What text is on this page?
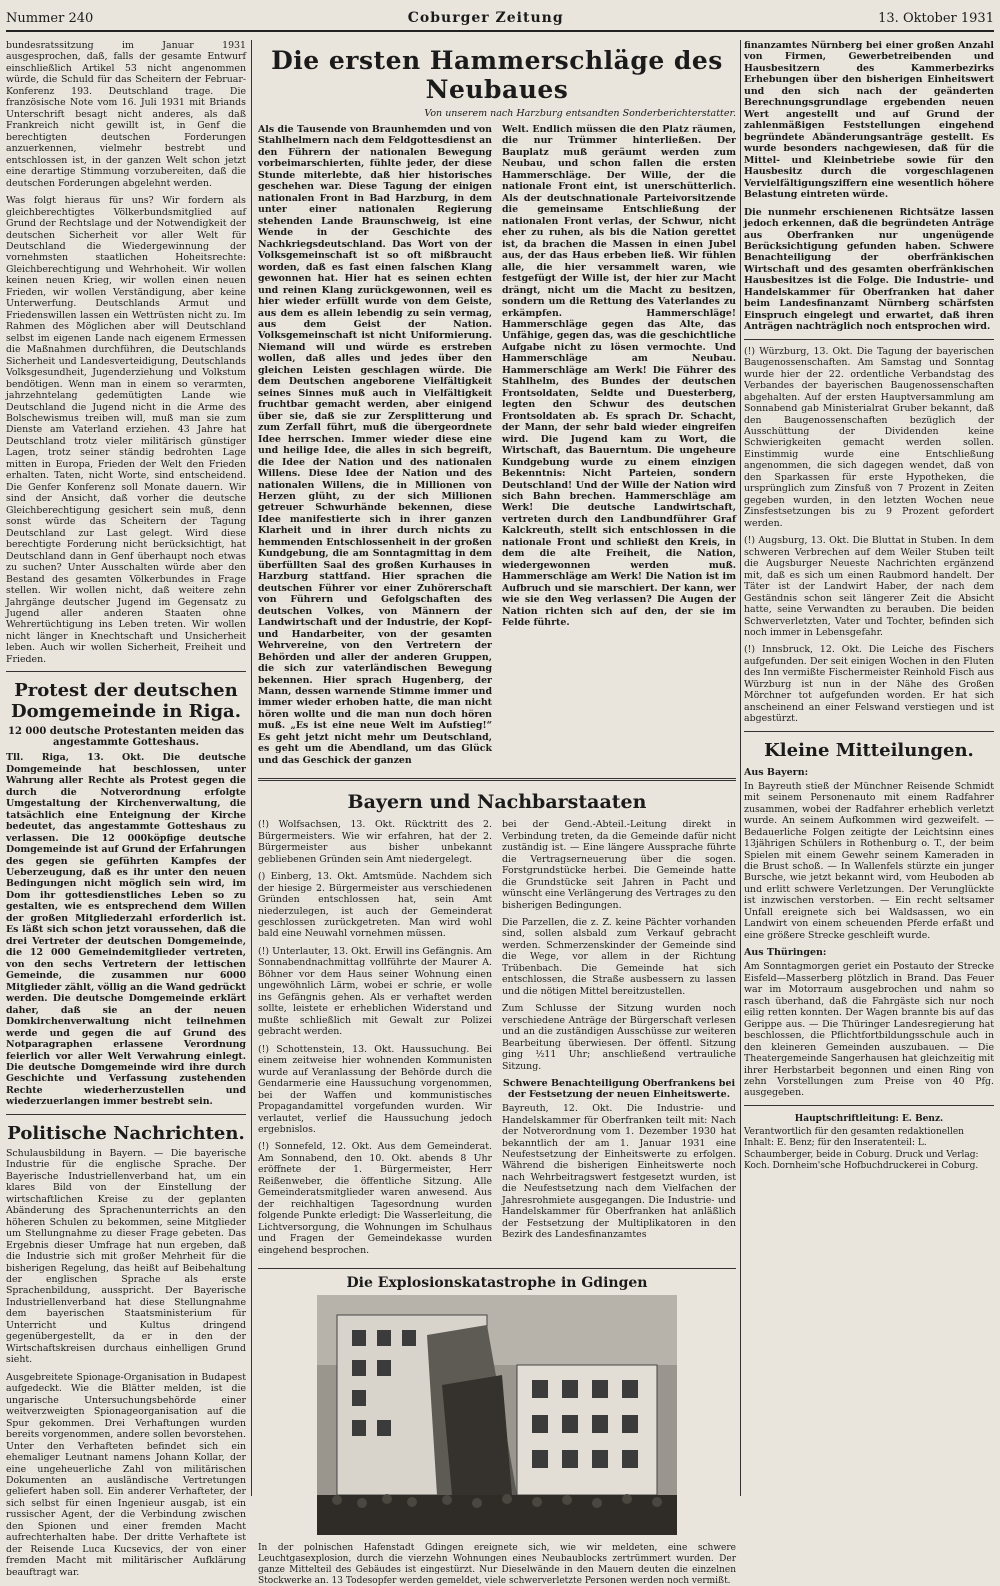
Nummer 240	Coburger Zeitung	13. Oktober 1931

bundesratssitzung im Januar 1931 ausgesprochen, daß, falls der gesamte Entwurf einschließlich Artikel 53 nicht angenommen würde, die Schuld für das Scheitern der Februar-Konferenz 193. Deutschland trage. Die französische Note vom 16. Juli 1931 mit Briands Unterschrift besagt nicht anderes, als daß Frankreich nicht gewillt ist, in Genf die berechtigten deutschen Forderungen anzuerkennen, vielmehr bestrebt und entschlossen ist, in der ganzen Welt schon jetzt eine derartige Stimmung vorzubereiten, daß die deutschen Forderungen abgelehnt werden.

Was folgt hieraus für uns? Wir fordern als gleichberechtigtes Völkerbundsmitglied auf Grund der Rechtslage und der Notwendigkeit der deutschen Sicherheit vor aller Welt für Deutschland die Wiedergewinnung der vornehmsten staatlichen Hoheitsrechte: Gleichberechtigung und Wehrhoheit. Wir wollen keinen neuen Krieg, wir wollen einen neuen Frieden, wir wollen Verständigung, aber keine Unterwerfung. Deutschlands Armut und Friedenswillen lassen ein Wettrüsten nicht zu. Im Rahmen des Möglichen aber will Deutschland selbst im eigenen Lande nach eigenem Ermessen die Maßnahmen durchführen, die Deutschlands Sicherheit und Landesverteidigung, Deutschlands Volksgesundheit, Jugenderziehung und Volkstum bendötigen. Wenn man in einem so verarmten, jahrzehntelang gedemütigten Lande wie Deutschland die Jugend nicht in die Arme des Bolschewismus treiben will, muß man sie zum Dienste am Vaterland erziehen. 43 Jahre hat Deutschland trotz vieler militärisch günstiger Lagen, trotz seiner ständig bedrohten Lage mitten in Europa, Frieden der Welt den Frieden erhalten. Taten, nicht Worte, sind entscheidend. Die Genfer Konferenz soll Monate dauern. Wir sind der Ansicht, daß vorher die deutsche Gleichberechtigung gesichert sein muß, denn sonst würde das Scheitern der Tagung Deutschland zur Last gelegt. Wird diese berechtigte Forderung nicht berücksichtigt, hat Deutschland dann in Genf überhaupt noch etwas zu suchen? Unter Ausschalten würde aber den Bestand des gesamten Völkerbundes in Frage stellen. Wir wollen nicht, daß weitere zehn Jahrgänge deutscher Jugend im Gegensatz zu Jugend aller anderen Staaten ohne Wehrertüchtigung ins Leben treten. Wir wollen nicht länger in Knechtschaft und Unsicherheit leben. Auch wir wollen Sicherheit, Freiheit und Frieden.

Protest der deutschen Domgemeinde in Riga.
12 000 deutsche Protestanten meiden das angestammte Gotteshaus.

Tll. Riga, 13. Okt. Die deutsche Domgemeinde hat beschlossen, unter Wahrung aller Rechte als Protest gegen die durch die Notverordnung erfolgte Umgestaltung der Kirchenverwaltung, die tatsächlich eine Enteignung der Kirche bedeutet, das angestammte Gotteshaus zu verlassen. Die 12 000köpfige deutsche Domgemeinde ist auf Grund der Erfahrungen des gegen sie geführten Kampfes der Ueberzeugung, daß es ihr unter den neuen Bedingungen nicht möglich sein wird, im Dom ihr gottesdienstliches Leben so zu gestalten, wie es entsprechend dem Willen der großen Mitgliederzahl erforderlich ist. Es läßt sich schon jetzt voraussehen, daß die drei Vertreter der deutschen Domgemeinde, die 12 000 Gemeindemitglieder vertreten, von den sechs Vertretern der lettischen Gemeinde, die zusammen nur 6000 Mitglieder zählt, völlig an die Wand gedrückt werden. Die deutsche Domgemeinde erklärt daher, daß sie an der neuen Domkirchenverwaltung nicht teilnehmen werde und gegen die auf Grund des Notparagraphen erlassene Verordnung feierlich vor aller Welt Verwahrung einlegt. Die deutsche Domgemeinde wird ihre durch Geschichte und Verfassung zustehenden Rechte wiederherzustellen und wiederzuerlangen immer bestrebt sein.

Politische Nachrichten.

Schulausbildung in Bayern. — Die bayerische Industrie für die englische Sprache. Der Bayerische Industriellenverband hat, um ein klares Bild von der Einstellung der wirtschaftlichen Kreise zu der geplanten Abänderung des Sprachenunterrichts an den höheren Schulen zu bekommen, seine Mitglieder um Stellungnahme zu dieser Frage gebeten. Das Ergebnis dieser Umfrage hat nun ergeben, daß die Industrie sich mit großer Mehrheit für die bisherigen Regelung, das heißt auf Beibehaltung der englischen Sprache als erste Sprachenbildung, ausspricht. Der Bayerische Industriellenverband hat diese Stellungnahme dem bayerischen Staatsministerium für Unterricht und Kultus dringend gegenübergestellt, da er in den der Wirtschaftskreisen durchaus einhelligen Grund sieht.

Ausgebreitete Spionage-Organisation in Budapest aufgedeckt. Wie die Blätter melden, ist die ungarische Untersuchungsbehörde einer weitverzweigten Spionageorganisation auf die Spur gekommen. Drei Verhaftungen wurden bereits vorgenommen, andere sollen bevorstehen. Unter den Verhafteten befindet sich ein ehemaliger Leutnant namens Johann Kollar, der eine ungeheuerliche Zahl von militärischen Dokumenten an ausländische Vertretungen geliefert haben soll. Ein anderer Verhafteter, der sich selbst für einen Ingenieur ausgab, ist ein russischer Agent, der die Verbindung zwischen den Spionen und einer fremden Macht aufrechterhalten habe. Der dritte Verhaftete ist der Reisende Luca Kucsevics, der von einer fremden Macht mit militärischer Aufklärung beauftragt war.

Die ersten Hammerschläge des Neubaues
Von unserem nach Harzburg entsandten Sonderberichterstatter.

Als die Tausende von Braunhemden und von Stahlhelmern nach dem Feldgottesdienst an den Führern der nationalen Bewegung vorbeimarschierten, fühlte jeder, der diese Stunde miterlebte, daß hier historisches geschehen war. Diese Tagung der einigen nationalen Front in Bad Harzburg, in dem unter einer nationalen Regierung stehenden Lande Braunschweig, ist eine Wende in der Geschichte des Nachkriegsdeutschland. Das Wort von der Volksgemeinschaft ist so oft mißbraucht worden, daß es fast einen falschen Klang gewonnen hat. Hier hat es seinen echten und reinen Klang zurückgewonnen, weil es hier wieder erfüllt wurde von dem Geiste, aus dem es allein lebendig zu sein vermag, aus dem Geist der Nation. Volksgemeinschaft ist nicht Uniformierung. Niemand will und würde es erstreben wollen, daß alles und jedes über den gleichen Leisten geschlagen würde. Die dem Deutschen angeborene Vielfältigkeit seines Sinnes muß auch in Vielfältigkeit fruchtbar gemacht werden, aber einigend über sie, daß sie zur Zersplitterung und zum Zerfall führt, muß die übergeordnete Idee herrschen. Immer wieder diese eine und heilige Idee, die alles in sich begreift, die Idee der Nation und des nationalen Willens. Diese Idee der Nation und des nationalen Willens, die in Millionen von Herzen glüht, zu der sich Millionen getreuer Schwurhände bekennen, diese Idee manifestierte sich in ihrer ganzen Klarheit und in ihrer durch nichts zu hemmenden Entschlossenheit in der großen Kundgebung, die am Sonntagmittag in dem überfüllten Saal des großen Kurhauses in Harzburg stattfand. Hier sprachen die deutschen Führer vor einer Zuhörerschaft von Führern und Gefolgschaften des deutschen Volkes, von Männern der Landwirtschaft und der Industrie, der Kopf- und Handarbeiter, von der gesamten Wehrvereine, von den Vertretern der Behörden und aller der anderen Gruppen, die sich zur vaterländischen Bewegung bekennen. Hier sprach Hugenberg, der Mann, dessen warnende Stimme immer und immer wieder erhoben hatte, die man nicht hören wollte und die man nun doch hören muß. „Es ist eine neue Welt im Aufstieg!“ Es geht jetzt nicht mehr um Deutschland, es geht um die Abendland, um das Glück und das Geschick der ganzen

Welt. Endlich müssen die den Platz räumen, die nur Trümmer hinterließen. Der Bauplatz muß geräumt werden zum Neubau, und schon fallen die ersten Hammerschläge. Der Wille, der die nationale Front eint, ist unerschütterlich. Als der deutschnationale Parteivorsitzende die gemeinsame Entschließung der nationalen Front verlas, der Schwur, nicht eher zu ruhen, als bis die Nation gerettet ist, da brachen die Massen in einen Jubel aus, der das Haus erbeben ließ. Wir fühlen alle, die hier versammelt waren, wie festgefügt der Wille ist, der hier zur Macht drängt, nicht um die Macht zu besitzen, sondern um die Rettung des Vaterlandes zu erkämpfen. Hammerschläge! Hammerschläge gegen das Alte, das Unfähige, gegen das, was die geschichtliche Aufgabe nicht zu lösen vermochte. Und Hammerschläge am Neubau. Hammerschläge am Werk! Die Führer des Stahlhelm, des Bundes der deutschen Frontsoldaten, Seldte und Duesterberg, legten den Schwur des deutschen Frontsoldaten ab. Es sprach Dr. Schacht, der Mann, der sehr bald wieder eingreifen wird. Die Jugend kam zu Wort, die Wirtschaft, das Bauerntum. Die ungeheure Kundgebung wurde zu einem einzigen Bekenntnis: Nicht Parteien, sondern Deutschland! Und der Wille der Nation wird sich Bahn brechen. Hammerschläge am Werk! Die deutsche Landwirtschaft, vertreten durch den Landbundführer Graf Kalckreuth, stellt sich entschlossen in die nationale Front und schließt den Kreis, in dem die alte Freiheit, die Nation, wiedergewonnen werden muß. Hammerschläge am Werk! Die Nation ist im Aufbruch und sie marschiert. Der kann, wer wie sie den Weg verlassen? Die Augen der Nation richten sich auf den, der sie im Felde führte.

Bayern und Nachbarstaaten

(!) Wolfsachsen, 13. Okt. Rücktritt des 2. Bürgermeisters. Wie wir erfahren, hat der 2. Bürgermeister aus bisher unbekannt gebliebenen Gründen sein Amt niedergelegt.

() Einberg, 13. Okt. Amtsmüde. Nachdem sich der hiesige 2. Bürgermeister aus verschiedenen Gründen entschlossen hat, sein Amt niederzulegen, ist auch der Gemeinderat geschlossen zurückgetreten. Man wird wohl bald eine Neuwahl vornehmen müssen.

(!) Unterlauter, 13. Okt. Erwill ins Gefängnis. Am Sonnabendnachmittag vollführte der Maurer A. Böhner vor dem Haus seiner Wohnung einen ungewöhnlich Lärm, wobei er schrie, er wolle ins Gefängnis gehen. Als er verhaftet werden sollte, leistete er erheblichen Widerstand und mußte schließlich mit Gewalt zur Polizei gebracht werden.

(!) Schottenstein, 13. Okt. Haussuchung. Bei einem zeitweise hier wohnenden Kommunisten wurde auf Veranlassung der Behörde durch die Gendarmerie eine Haussuchung vorgenommen, bei der Waffen und kommunistisches Propagandamittel vorgefunden wurden. Wir verlautet, verlief die Haussuchung jedoch ergebnislos.

(!) Sonnefeld, 12. Okt. Aus dem Gemeinderat. Am Sonnabend, den 10. Okt. abends 8 Uhr eröffnete der 1. Bürgermeister, Herr Reißenweber, die öffentliche Sitzung. Alle Gemeinderatsmitglieder waren anwesend. Aus der reichhaltigen Tagesordnung wurden folgende Punkte erledigt: Die Wasserleitung, die Lichtversorgung, die Wohnungen im Schulhaus und Fragen der Gemeindekasse wurden eingehend besprochen.

bei der Gend.-Abteil.-Leitung direkt in Verbindung treten, da die Gemeinde dafür nicht zuständig ist. — Eine längere Aussprache führte die Vertragserneuerung über die sogen. Forstgrundstücke herbei. Die Gemeinde hatte die Grundstücke seit Jahren in Pacht und wünscht eine Verlängerung des Vertrages zu den bisherigen Bedingungen.

Die Parzellen, die z. Z. keine Pächter vorhanden sind, sollen alsbald zum Verkauf gebracht werden. Schmerzenskinder der Gemeinde sind die Wege, vor allem in der Richtung Trübenbach. Die Gemeinde hat sich entschlossen, die Straße ausbessern zu lassen und die nötigen Mittel bereitzustellen.

Zum Schlusse der Sitzung wurden noch verschiedene Anträge der Bürgerschaft verlesen und an die zuständigen Ausschüsse zur weiteren Bearbeitung überwiesen. Der öffentl. Sitzung ging ½11 Uhr; anschließend vertrauliche Sitzung.

Schwere Benachteiligung Oberfrankens bei der Festsetzung der neuen Einheitswerte.

Bayreuth, 12. Okt. Die Industrie- und Handelskammer für Oberfranken teilt mit: Nach der Notverordnung vom 1. Dezember 1930 hat bekanntlich der am 1. Januar 1931 eine Neufestsetzung der Einheitswerte zu erfolgen. Während die bisherigen Einheitswerte noch nach Wehrbeitragswert festgesetzt wurden, ist die Neufestsetzung nach dem Vielfachen der Jahresrohmiete ausgegangen. Die Industrie- und Handelskammer für Oberfranken hat anläßlich der Festsetzung der Multiplikatoren in den Bezirk des Landesfinanzamtes

Die Explosionskatastrophe in Gdingen
In der polnischen Hafenstadt Gdingen ereignete sich, wie wir meldeten, eine schwere Leuchtgasexplosion, durch die vierzehn Wohnungen eines Neubaublocks zertrümmert wurden. Der ganze Mittelteil des Gebäudes ist eingestürzt. Nur Dieselwände in den Mauern deuten die einzelnen Stockwerke an. 13 Todesopfer werden gemeldet, viele schwerverletzte Personen werden noch vermißt.

finanzamtes Nürnberg bei einer großen Anzahl von Firmen, Gewerbetreibenden und Hausbesitzern des Kammerbezirks Erhebungen über den bisherigen Einheitswert und den sich nach der geänderten Berechnungsgrundlage ergebenden neuen Wert angestellt und auf Grund der zahlenmäßigen Feststellungen eingehend begründete Abänderungsanträge gestellt. Es wurde besonders nachgewiesen, daß für die Mittel- und Kleinbetriebe sowie für den Hausbesitz durch die vorgeschlagenen Vervielfältigungsziffern eine wesentlich höhere Belastung eintreten würde.

Die nunmehr erschienenen Richtsätze lassen jedoch erkennen, daß die begründeten Anträge aus Oberfranken nur ungenügende Berücksichtigung gefunden haben. Schwere Benachteiligung der oberfränkischen Wirtschaft und des gesamten oberfränkischen Hausbesitzes ist die Folge. Die Industrie- und Handelskammer für Oberfranken hat daher beim Landesfinanzamt Nürnberg schärfsten Einspruch eingelegt und erwartet, daß ihren Anträgen nachträglich noch entsprochen wird.

(!) Würzburg, 13. Okt. Die Tagung der bayerischen Baugenossenschaften. Am Samstag und Sonntag wurde hier der 22. ordentliche Verbandstag des Verbandes der bayerischen Baugenossenschaften abgehalten. Auf der ersten Hauptversammlung am Sonnabend gab Ministerialrat Gruber bekannt, daß den Baugenossenschaften bezüglich der Ausschüttung der Dividenden keine Schwierigkeiten gemacht werden sollen. Einstimmig wurde eine Entschließung angenommen, die sich dagegen wendet, daß von den Sparkassen für erste Hypotheken, die ursprünglich zum Zinsfuß von 7 Prozent in Zeiten gegeben wurden, in den letzten Wochen neue Zinsfestsetzungen bis zu 9 Prozent gefordert werden.

(!) Augsburg, 13. Okt. Die Bluttat in Stuben. In dem schweren Verbrechen auf dem Weiler Stuben teilt die Augsburger Neueste Nachrichten ergänzend mit, daß es sich um einen Raubmord handelt. Der Täter ist der Landwirt Haber, der nach dem Geständnis schon seit längerer Zeit die Absicht hatte, seine Verwandten zu berauben. Die beiden Schwerverletzten, Vater und Tochter, befinden sich noch immer in Lebensgefahr.

(!) Innsbruck, 12. Okt. Die Leiche des Fischers aufgefunden. Der seit einigen Wochen in den Fluten des Inn vermißte Fischermeister Reinhold Fisch aus Würzburg ist nun in der Nähe des Großen Mörchner tot aufgefunden worden. Er hat sich anscheinend an einer Felswand verstiegen und ist abgestürzt.

Kleine Mitteilungen.
Aus Bayern:

In Bayreuth stieß der Münchner Reisende Schmidt mit seinem Personenauto mit einem Radfahrer zusammen, wobei der Radfahrer erheblich verletzt wurde. An seinem Aufkommen wird gezweifelt. — Bedauerliche Folgen zeitigte der Leichtsinn eines 13jährigen Schülers in Rothenburg o. T., der beim Spielen mit einem Gewehr seinem Kameraden in die Brust schoß. — In Wallenfels stürzte ein junger Bursche, wie jetzt bekannt wird, vom Heuboden ab und erlitt schwere Verletzungen. Der Verunglückte ist inzwischen verstorben. — Ein recht seltsamer Unfall ereignete sich bei Waldsassen, wo ein Landwirt von einem scheuenden Pferde erfaßt und eine größere Strecke geschleift wurde.

Aus Thüringen:

Am Sonntagmorgen geriet ein Postauto der Strecke Eisfeld—Masserberg plötzlich in Brand. Das Feuer war im Motorraum ausgebrochen und nahm so rasch überhand, daß die Fahrgäste sich nur noch eilig retten konnten. Der Wagen brannte bis auf das Gerippe aus. — Die Thüringer Landesregierung hat beschlossen, die Pflichtfortbildungsschule auch in den kleineren Gemeinden auszubauen. — Die Theatergemeinde Sangerhausen hat gleichzeitig mit ihrer Herbstarbeit begonnen und einen Ring von zehn Vorstellungen zum Preise von 40 Pfg. ausgegeben.

Hauptschriftleitung: E. Benz.
Verantwortlich für den gesamten redaktionellen Inhalt: E. Benz; für den Inseratenteil: L. Schaumberger, beide in Coburg. Druck und Verlag: Koch. Dornheim'sche Hofbuchdruckerei in Coburg.
